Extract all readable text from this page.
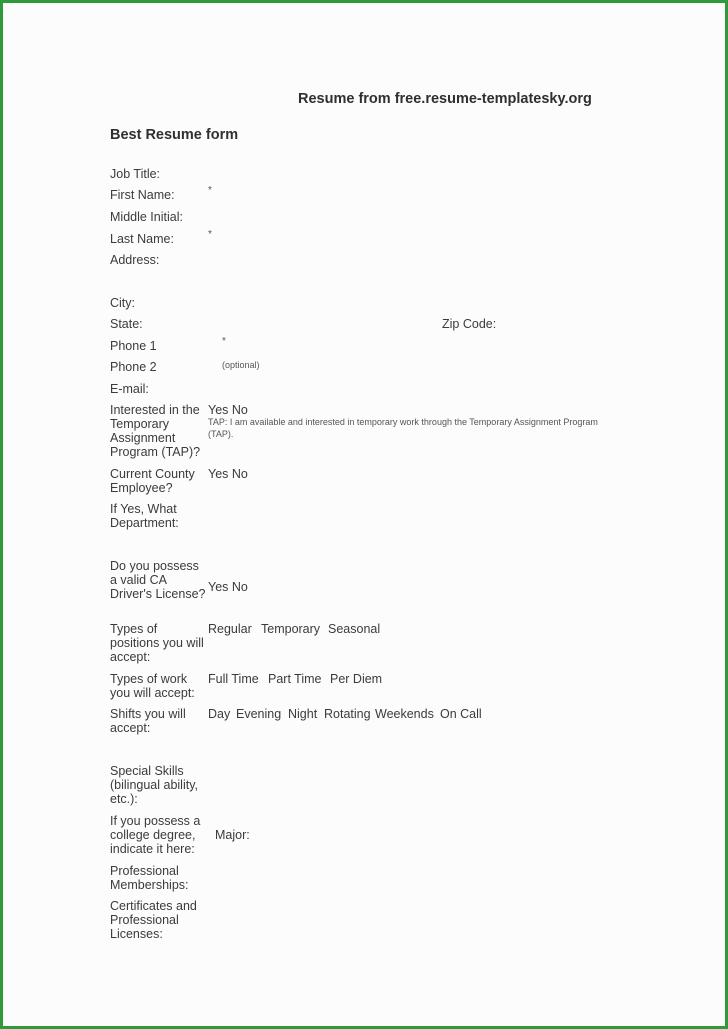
Resume from free.resume-templatesky.org
Best Resume form
Job Title:
First Name:	*
Middle Initial:
Last Name:	*
Address:
City:
State:	Zip Code:
Phone 1	*
Phone 2	(optional)
E-mail:
Interested in the Temporary Assignment Program (TAP)?
Yes No
TAP: I am available and interested in temporary work through the Temporary Assignment Program (TAP).
Current County Employee?
Yes No
If Yes, What Department:
Do you possess a valid CA Driver's License? Yes No
Types of positions you will accept:
Regular Temporary Seasonal
Types of work you will accept:
Full Time Part Time Per Diem
Shifts you will accept:
Day Evening Night Rotating Weekends On Call
Special Skills (bilingual ability, etc.):
If you possess a college degree, indicate it here:
Major:
Professional Memberships:
Certificates and Professional Licenses:
